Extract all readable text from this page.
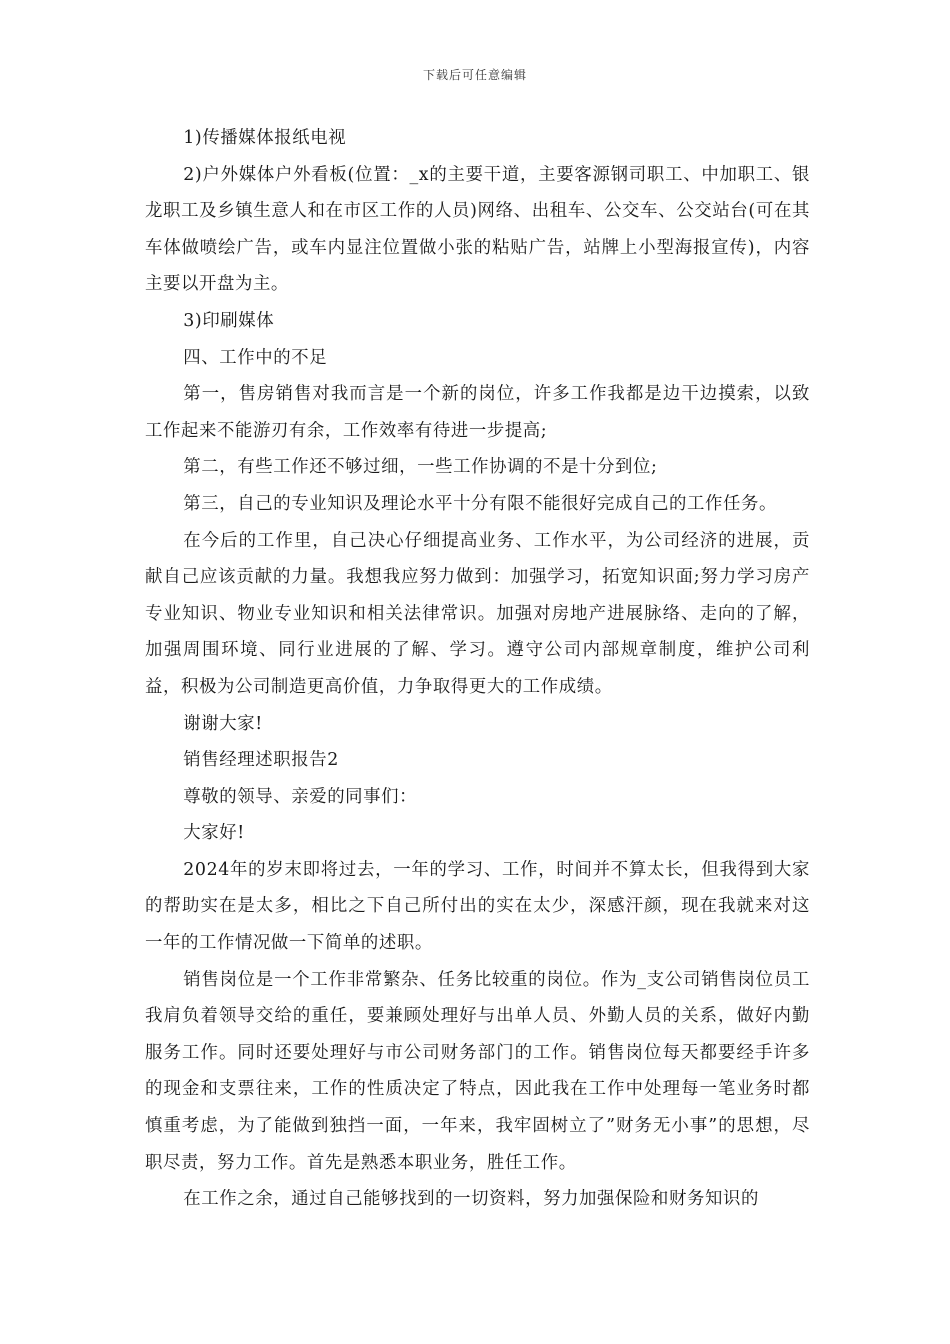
下载后可任意编辑

1)传播媒体报纸电视

2)户外媒体户外看板(位置：_x的主要干道，主要客源钢司职工、中加职工、银龙职工及乡镇生意人和在市区工作的人员)网络、出租车、公交车、公交站台(可在其车体做喷绘广告，或车内显注位置做小张的粘贴广告，站牌上小型海报宣传)，内容主要以开盘为主。

3)印刷媒体

四、工作中的不足

第一，售房销售对我而言是一个新的岗位，许多工作我都是边干边摸索，以致工作起来不能游刃有余，工作效率有待进一步提高;

第二，有些工作还不够过细，一些工作协调的不是十分到位;

第三，自己的专业知识及理论水平十分有限不能很好完成自己的工作任务。

在今后的工作里，自己决心仔细提高业务、工作水平，为公司经济的进展，贡献自己应该贡献的力量。我想我应努力做到：加强学习，拓宽知识面;努力学习房产专业知识、物业专业知识和相关法律常识。加强对房地产进展脉络、走向的了解，加强周围环境、同行业进展的了解、学习。遵守公司内部规章制度，维护公司利益，积极为公司制造更高价值，力争取得更大的工作成绩。

谢谢大家!

销售经理述职报告2

尊敬的领导、亲爱的同事们：

大家好!

2024年的岁末即将过去，一年的学习、工作，时间并不算太长，但我得到大家的帮助实在是太多，相比之下自己所付出的实在太少，深感汗颜，现在我就来对这一年的工作情况做一下简单的述职。

销售岗位是一个工作非常繁杂、任务比较重的岗位。作为_支公司销售岗位员工我肩负着领导交给的重任，要兼顾处理好与出单人员、外勤人员的关系，做好内勤服务工作。同时还要处理好与市公司财务部门的工作。销售岗位每天都要经手许多的现金和支票往来，工作的性质决定了特点，因此我在工作中处理每一笔业务时都慎重考虑，为了能做到独挡一面，一年来，我牢固树立了”财务无小事”的思想，尽职尽责，努力工作。首先是熟悉本职业务，胜任工作。

在工作之余，通过自己能够找到的一切资料，努力加强保险和财务知识的
